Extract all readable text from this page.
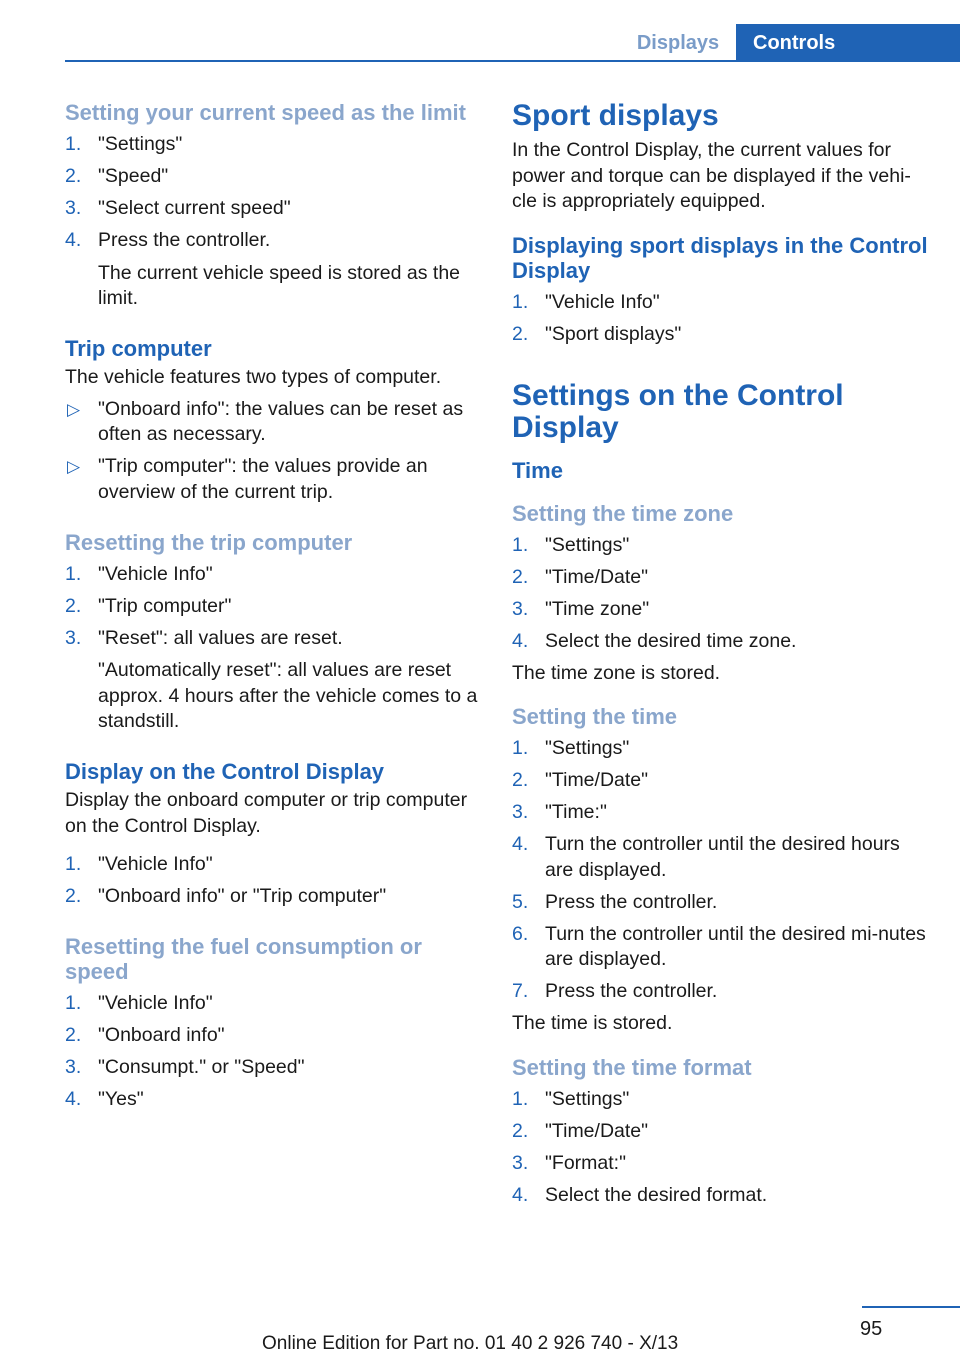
Displays	Controls
Setting your current speed as the limit
1. "Settings"
2. "Speed"
3. "Select current speed"
4. Press the controller.
The current vehicle speed is stored as the limit.
Trip computer

The vehicle features two types of computer.

▷ "Onboard info": the values can be reset as often as necessary.
▷ "Trip computer": the values provide an overview of the current trip.
Resetting the trip computer
1. "Vehicle Info"
2. "Trip computer"
3. "Reset": all values are reset.
"Automatically reset": all values are reset approx. 4 hours after the vehicle comes to a standstill.
Display on the Control Display

Display the onboard computer or trip computer on the Control Display.

1. "Vehicle Info"
2. "Onboard info" or "Trip computer"
Resetting the fuel consumption or speed
1. "Vehicle Info"
2. "Onboard info"
3. "Consumpt." or "Speed"
4. "Yes"
Sport displays

In the Control Display, the current values for power and torque can be displayed if the vehi-cle is appropriately equipped.

Displaying sport displays in the Control Display
1. "Vehicle Info"
2. "Sport displays"
Settings on the Control Display
Time
Setting the time zone
1. "Settings"
2. "Time/Date"
3. "Time zone"
4. Select the desired time zone.

The time zone is stored.

Setting the time
1. "Settings"
2. "Time/Date"
3. "Time:"
4. Turn the controller until the desired hours are displayed.
5. Press the controller.
6. Turn the controller until the desired mi-nutes are displayed.
7. Press the controller.

The time is stored.

Setting the time format
1. "Settings"
2. "Time/Date"
3. "Format:"
4. Select the desired format.
95
Online Edition for Part no. 01 40 2 926 740 - X/13
